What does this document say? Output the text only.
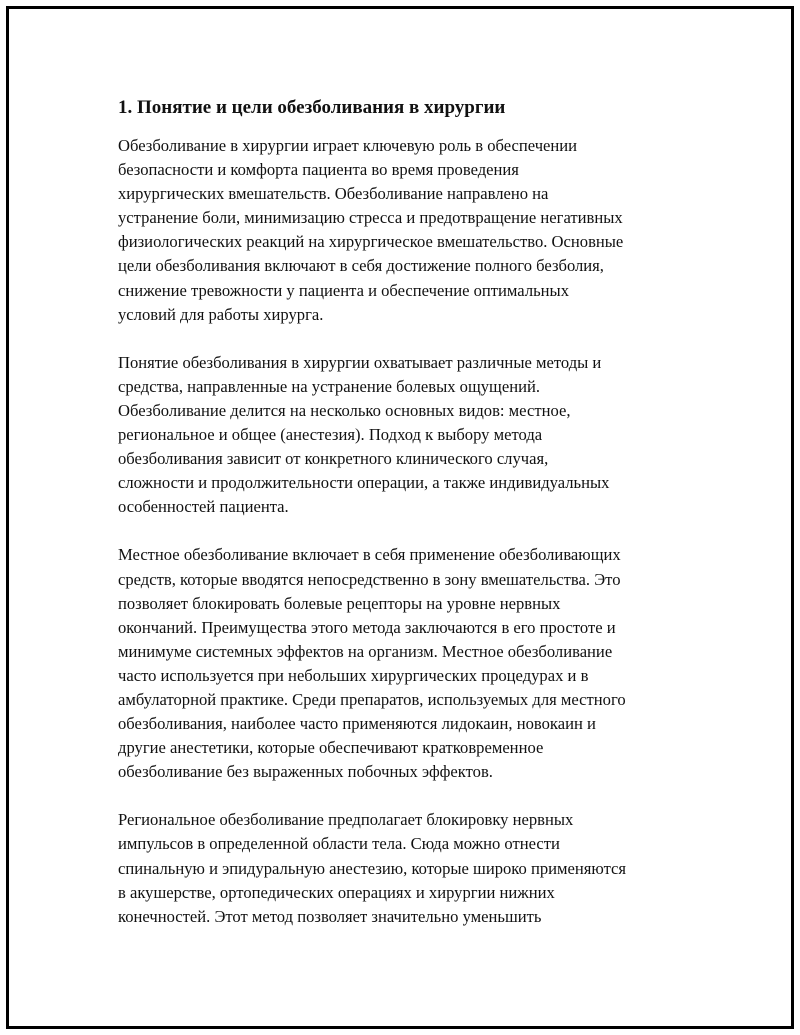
1. Понятие и цели обезболивания в хирургии
Обезболивание в хирургии играет ключевую роль в обеспечении
безопасности и комфорта пациента во время проведения
хирургических вмешательств. Обезболивание направлено на
устранение боли, минимизацию стресса и предотвращение негативных
физиологических реакций на хирургическое вмешательство. Основные
цели обезболивания включают в себя достижение полного безболия,
снижение тревожности у пациента и обеспечение оптимальных
условий для работы хирурга.
Понятие обезболивания в хирургии охватывает различные методы и
средства, направленные на устранение болевых ощущений.
Обезболивание делится на несколько основных видов: местное,
региональное и общее (анестезия). Подход к выбору метода
обезболивания зависит от конкретного клинического случая,
сложности и продолжительности операции, а также индивидуальных
особенностей пациента.
Местное обезболивание включает в себя применение обезболивающих
средств, которые вводятся непосредственно в зону вмешательства. Это
позволяет блокировать болевые рецепторы на уровне нервных
окончаний. Преимущества этого метода заключаются в его простоте и
минимуме системных эффектов на организм. Местное обезболивание
часто используется при небольших хирургических процедурах и в
амбулаторной практике. Среди препаратов, используемых для местного
обезболивания, наиболее часто применяются лидокаин, новокаин и
другие анестетики, которые обеспечивают кратковременное
обезболивание без выраженных побочных эффектов.
Региональное обезболивание предполагает блокировку нервных
импульсов в определенной области тела. Сюда можно отнести
спинальную и эпидуральную анестезию, которые широко применяются
в акушерстве, ортопедических операциях и хирургии нижних
конечностей. Этот метод позволяет значительно уменьшить
